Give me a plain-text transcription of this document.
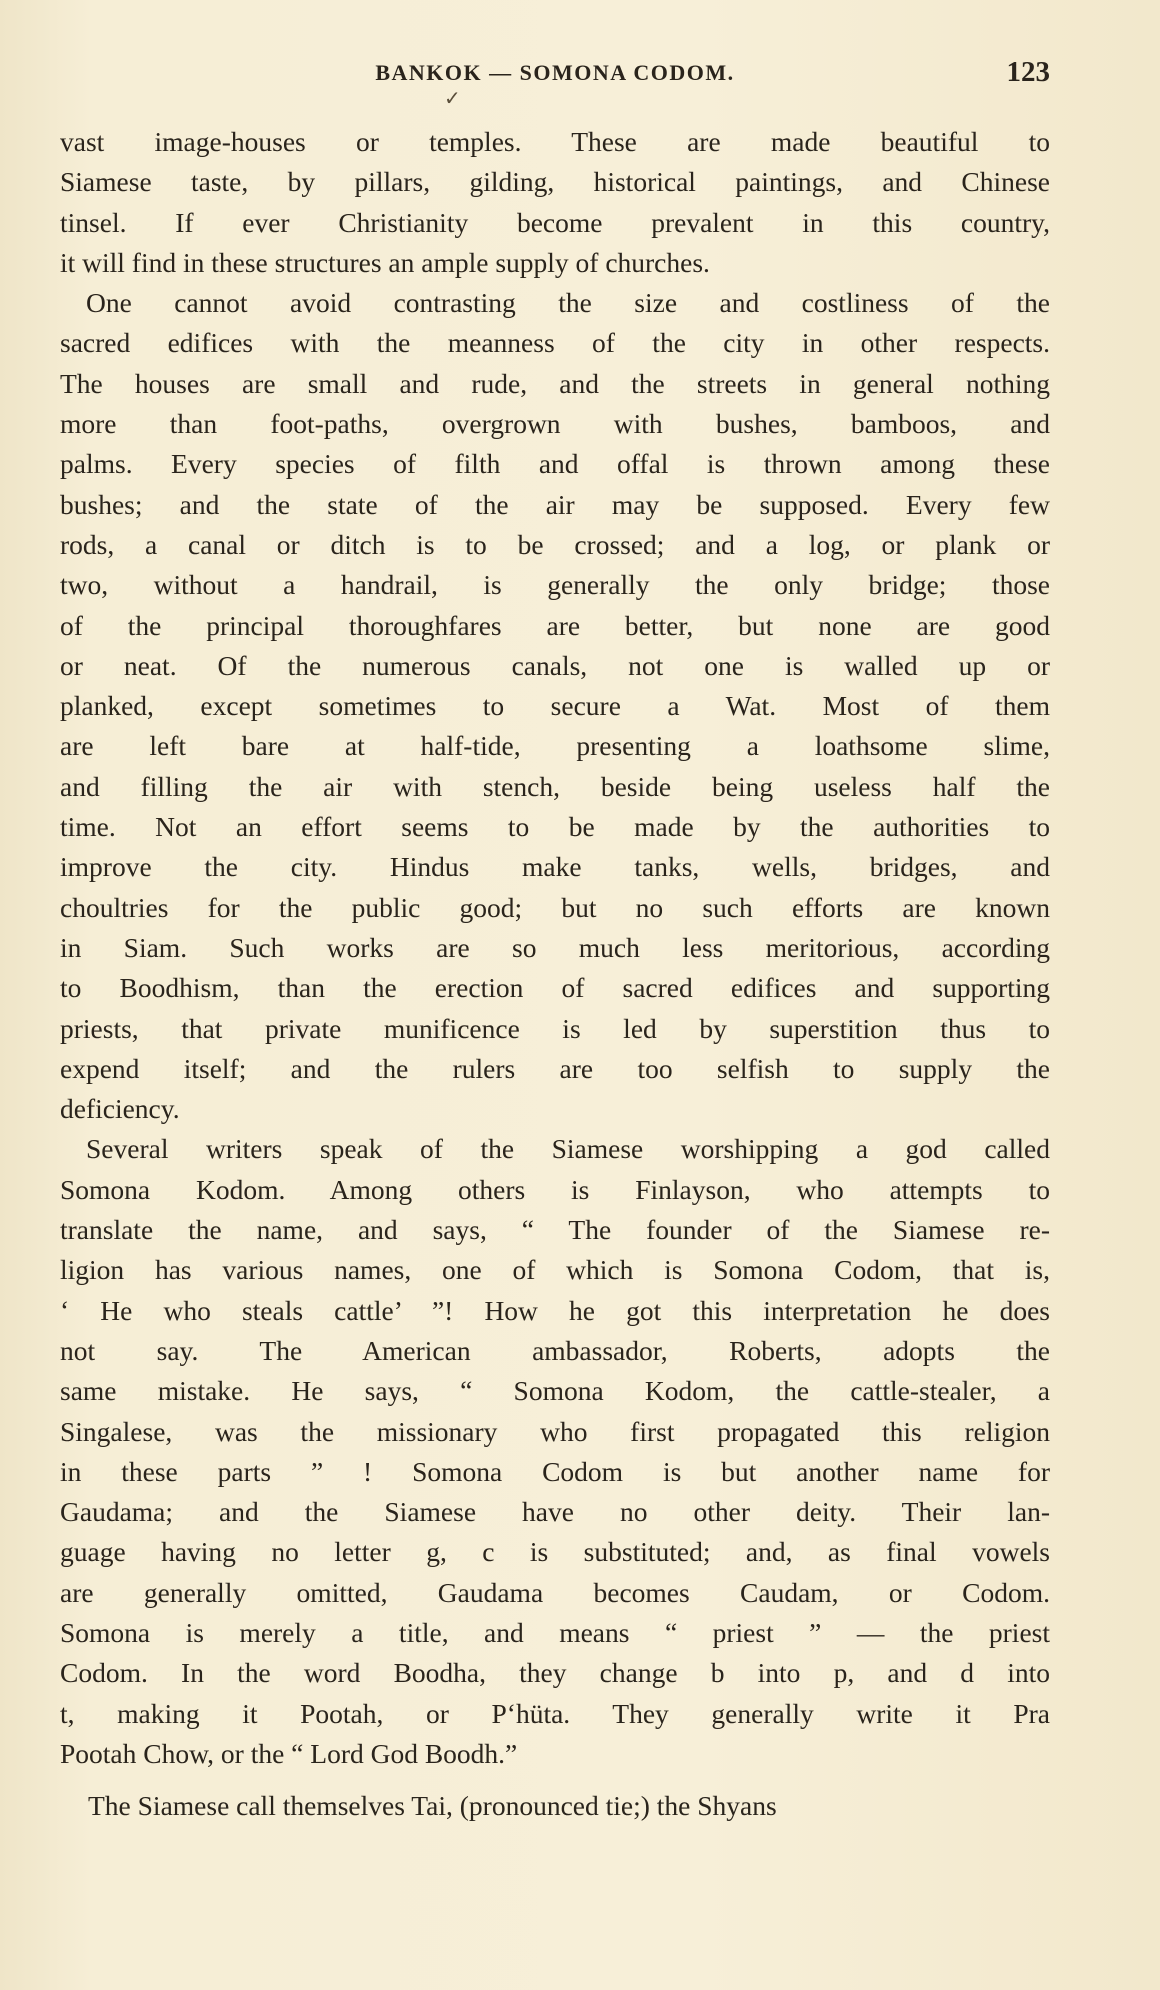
BANKOK — SOMONA CODOM.	123
✓
vast image-houses or temples. These are made beautiful to
Siamese taste, by pillars, gilding, historical paintings, and Chinese
tinsel. If ever Christianity become prevalent in this country,
it will find in these structures an ample supply of churches.
One cannot avoid contrasting the size and costliness of the
sacred edifices with the meanness of the city in other respects.
The houses are small and rude, and the streets in general nothing
more than foot-paths, overgrown with bushes, bamboos, and
palms. Every species of filth and offal is thrown among these
bushes; and the state of the air may be supposed. Every few
rods, a canal or ditch is to be crossed; and a log, or plank or
two, without a handrail, is generally the only bridge; those
of the principal thoroughfares are better, but none are good
or neat. Of the numerous canals, not one is walled up or
planked, except sometimes to secure a Wat. Most of them
are left bare at half-tide, presenting a loathsome slime,
and filling the air with stench, beside being useless half the
time. Not an effort seems to be made by the authorities to
improve the city. Hindus make tanks, wells, bridges, and
choultries for the public good; but no such efforts are known
in Siam. Such works are so much less meritorious, according
to Boodhism, than the erection of sacred edifices and supporting
priests, that private munificence is led by superstition thus to
expend itself; and the rulers are too selfish to supply the
deficiency.
Several writers speak of the Siamese worshipping a god called
Somona Kodom. Among others is Finlayson, who attempts to
translate the name, and says, “ The founder of the Siamese re-
ligion has various names, one of which is Somona Codom, that is,
‘ He who steals cattle’ ”! How he got this interpretation he does
not say. The American ambassador, Roberts, adopts the
same mistake. He says, “ Somona Kodom, the cattle-stealer, a
Singalese, was the missionary who first propagated this religion
in these parts ” ! Somona Codom is but another name for
Gaudama; and the Siamese have no other deity. Their lan-
guage having no letter g, c is substituted; and, as final vowels
are generally omitted, Gaudama becomes Caudam, or Codom.
Somona is merely a title, and means “ priest ” — the priest
Codom. In the word Boodha, they change b into p, and d into
t, making it Pootah, or P‘hüta. They generally write it Pra
Pootah Chow, or the “ Lord God Boodh.”
The Siamese call themselves Tai, (pronounced tie;) the Shyans
